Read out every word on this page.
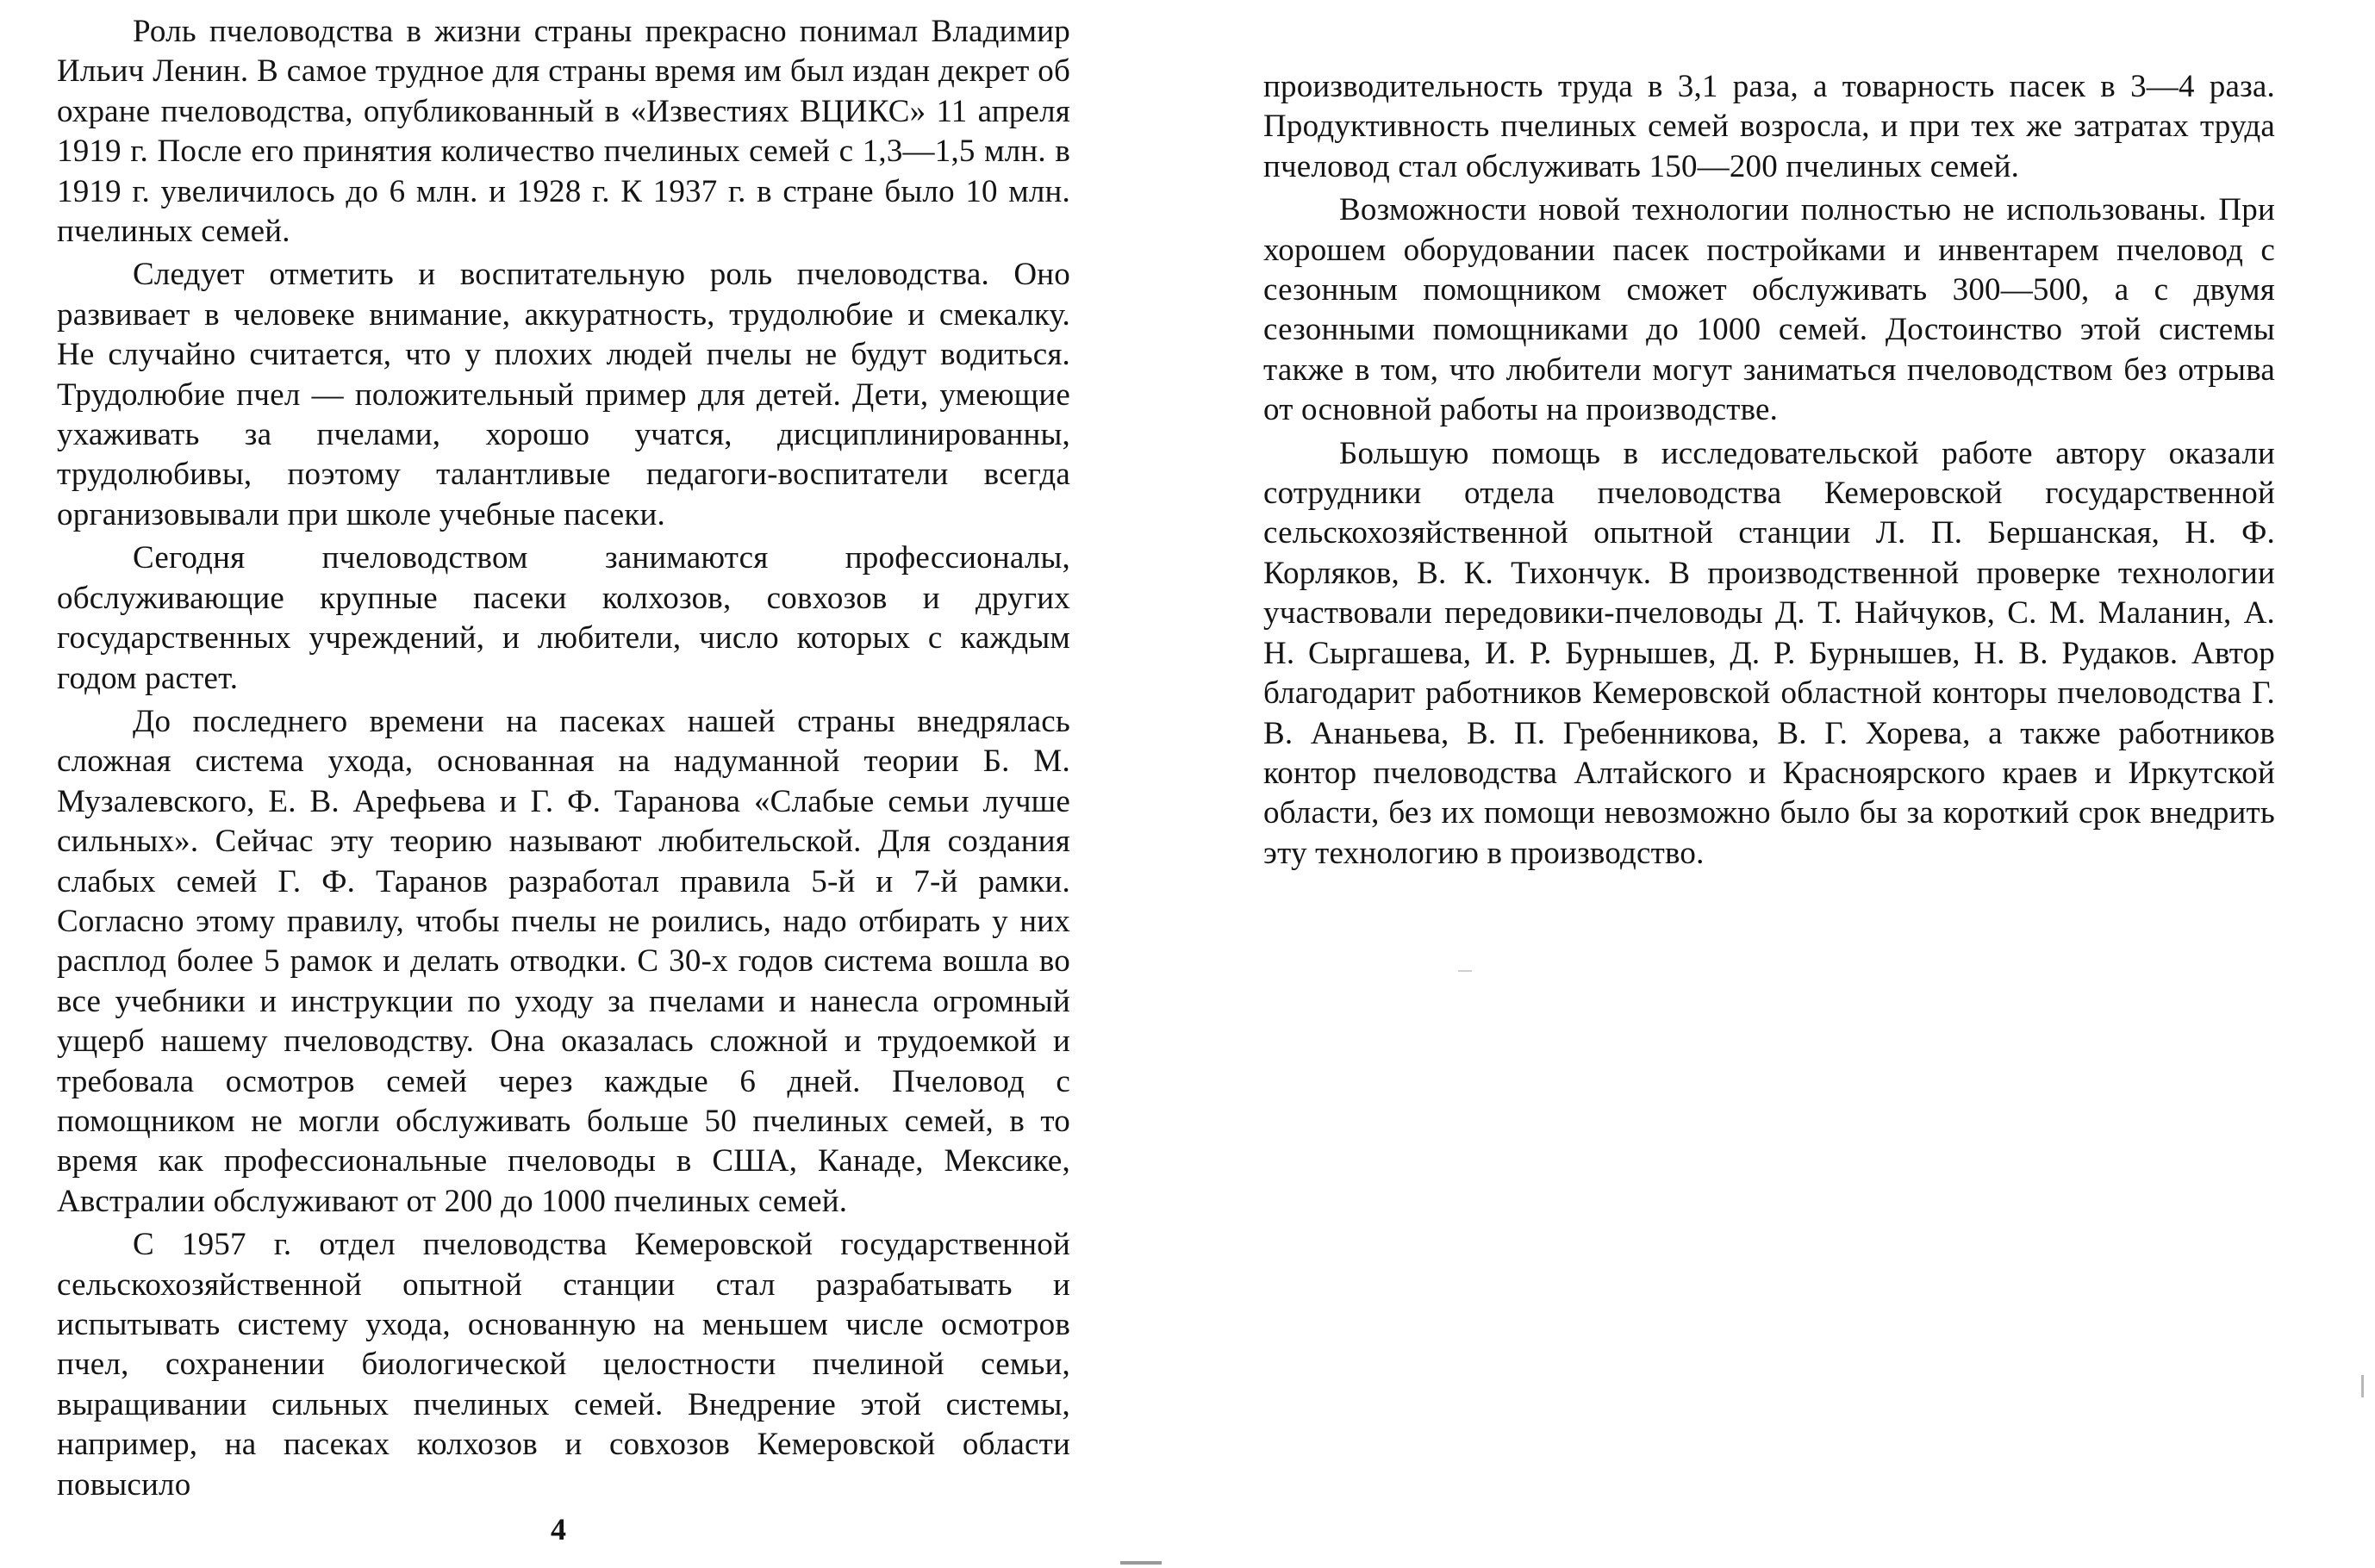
Роль пчеловодства в жизни страны прекрасно понимал Владимир Ильич Ленин. В самое трудное для страны время им был издан декрет об охране пчеловодства, опубликованный в «Известиях ВЦИКС» 11 апреля 1919 г. После его принятия количество пчелиных семей с 1,3—1,5 млн. в 1919 г. увеличилось до 6 млн. и 1928 г. К 1937 г. в стране было 10 млн. пчелиных семей.

Следует отметить и воспитательную роль пчеловодства. Оно развивает в человеке внимание, аккуратность, трудолюбие и смекалку. Не случайно считается, что у плохих людей пчелы не будут водиться. Трудолюбие пчел — положительный пример для детей. Дети, умеющие ухаживать за пчелами, хорошо учатся, дисциплинированны, трудолюбивы, поэтому талантливые педагоги-воспитатели всегда организовывали при школе учебные пасеки.

Сегодня пчеловодством занимаются профессионалы, обслуживающие крупные пасеки колхозов, совхозов и других государственных учреждений, и любители, число которых с каждым годом растет.

До последнего времени на пасеках нашей страны внедрялась сложная система ухода, основанная на надуманной теории Б. М. Музалевского, Е. В. Арефьева и Г. Ф. Таранова «Слабые семьи лучше сильных». Сейчас эту теорию называют любительской. Для создания слабых семей Г. Ф. Таранов разработал правила 5-й и 7-й рамки. Согласно этому правилу, чтобы пчелы не роились, надо отбирать у них расплод более 5 рамок и делать отводки. С 30-х годов система вошла во все учебники и инструкции по уходу за пчелами и нанесла огромный ущерб нашему пчеловодству. Она оказалась сложной и трудоемкой и требовала осмотров семей через каждые 6 дней. Пчеловод с помощником не могли обслуживать больше 50 пчелиных семей, в то время как профессиональные пчеловоды в США, Канаде, Мексике, Австралии обслуживают от 200 до 1000 пчелиных семей.

С 1957 г. отдел пчеловодства Кемеровской государственной сельскохозяйственной опытной станции стал разрабатывать и испытывать систему ухода, основанную на меньшем числе осмотров пчел, сохранении биологической целостности пчелиной семьи, выращивании сильных пчелиных семей. Внедрение этой системы, например, на пасеках колхозов и совхозов Кемеровской области повысило

4

производительность труда в 3,1 раза, а товарность пасек в 3—4 раза. Продуктивность пчелиных семей возросла, и при тех же затратах труда пчеловод стал обслуживать 150—200 пчелиных семей.

Возможности новой технологии полностью не использованы. При хорошем оборудовании пасек постройками и инвентарем пчеловод с сезонным помощником сможет обслуживать 300—500, а с двумя сезонными помощниками до 1000 семей. Достоинство этой системы также в том, что любители могут заниматься пчеловодством без отрыва от основной работы на производстве.

Большую помощь в исследовательской работе автору оказали сотрудники отдела пчеловодства Кемеровской государственной сельскохозяйственной опытной станции Л. П. Бершанская, Н. Ф. Корляков, В. К. Тихончук. В производственной проверке технологии участвовали передовики-пчеловоды Д. Т. Найчуков, С. М. Маланин, А. Н. Сыргашева, И. Р. Бурнышев, Д. Р. Бурнышев, Н. В. Рудаков. Автор благодарит работников Кемеровской областной конторы пчеловодства Г. В. Ананьева, В. П. Гребенникова, В. Г. Хорева, а также работников контор пчеловодства Алтайского и Красноярского краев и Иркутской области, без их помощи невозможно было бы за короткий срок внедрить эту технологию в производство.
